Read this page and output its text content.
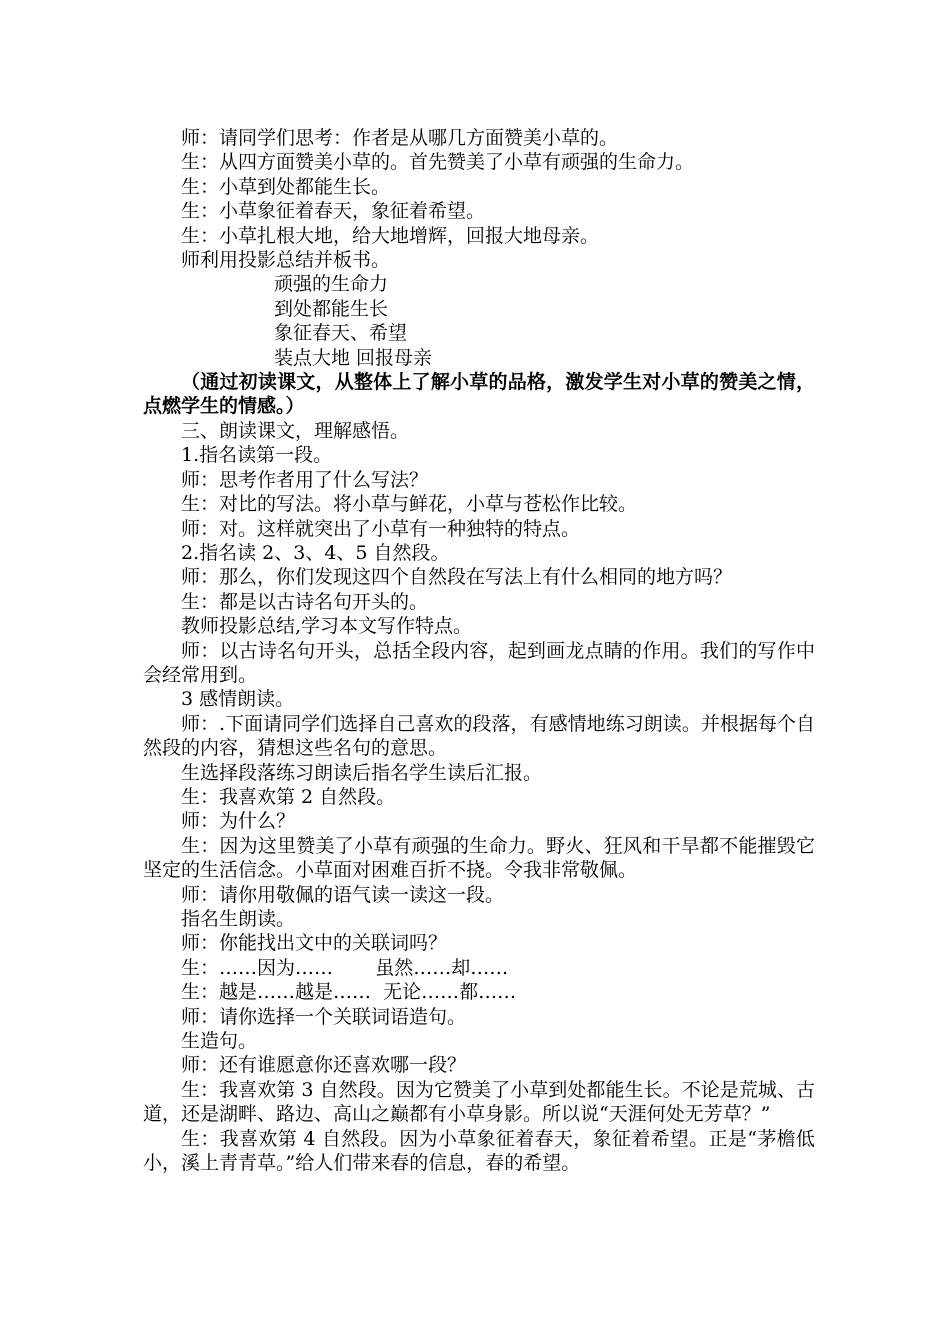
师：请同学们思考：作者是从哪几方面赞美小草的。

生：从四方面赞美小草的。首先赞美了小草有顽强的生命力。

生：小草到处都能生长。

生：小草象征着春天，象征着希望。

生：小草扎根大地，给大地增辉，回报大地母亲。

师利用投影总结并板书。

顽强的生命力

到处都能生长

象征春天、希望

装点大地 回报母亲

（通过初读课文，从整体上了解小草的品格，激发学生对小草的赞美之情，点燃学生的情感。）

三、朗读课文，理解感悟。

1.指名读第一段。

师：思考作者用了什么写法？

生：对比的写法。将小草与鲜花，小草与苍松作比较。

师：对。这样就突出了小草有一种独特的特点。

2.指名读 2、3、4、5 自然段。

师：那么，你们发现这四个自然段在写法上有什么相同的地方吗？

生：都是以古诗名句开头的。

教师投影总结,学习本文写作特点。

师：以古诗名句开头，总括全段内容，起到画龙点睛的作用。我们的写作中会经常用到。

3 感情朗读。

师：.下面请同学们选择自己喜欢的段落，有感情地练习朗读。并根据每个自然段的内容，猜想这些名句的意思。

生选择段落练习朗读后指名学生读后汇报。

生：我喜欢第 2 自然段。

师：为什么？

生：因为这里赞美了小草有顽强的生命力。野火、狂风和干旱都不能摧毁它坚定的生活信念。小草面对困难百折不挠。令我非常敬佩。

师：请你用敬佩的语气读一读这一段。

指名生朗读。

师：你能找出文中的关联词吗？

生：……因为……       虽然……却……

生：越是……越是……  无论……都……

师：请你选择一个关联词语造句。

生造句。

师：还有谁愿意你还喜欢哪一段？

生：我喜欢第 3 自然段。因为它赞美了小草到处都能生长。不论是荒城、古道，还是湖畔、路边、高山之巅都有小草身影。所以说“天涯何处无芳草？”

生：我喜欢第 4 自然段。因为小草象征着春天，象征着希望。正是“茅檐低小，溪上青青草。”给人们带来春的信息，春的希望。
